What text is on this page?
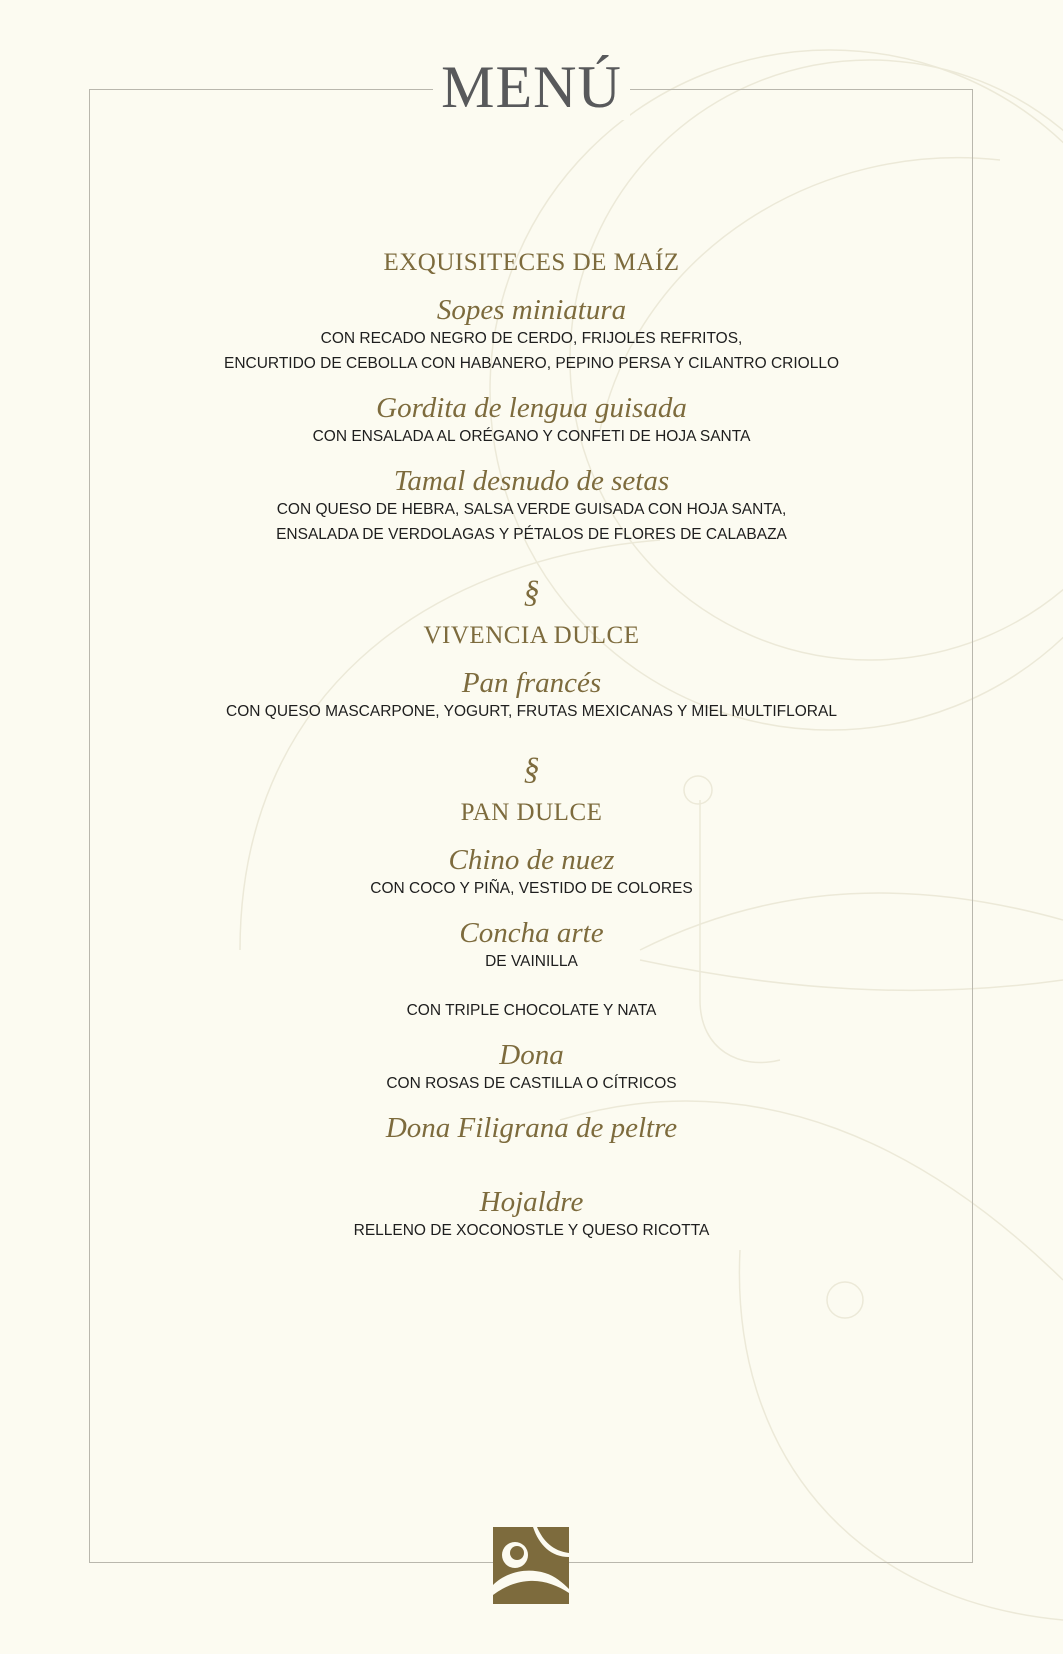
MENÚ
EXQUISITECES DE MAÍZ
Sopes miniatura
CON RECADO NEGRO DE CERDO, FRIJOLES REFRITOS,
ENCURTIDO DE CEBOLLA CON HABANERO, PEPINO PERSA Y CILANTRO CRIOLLO
Gordita de lengua guisada
CON ENSALADA AL ORÉGANO Y CONFETI DE HOJA SANTA
Tamal desnudo de setas
CON QUESO DE HEBRA, SALSA VERDE GUISADA CON HOJA SANTA,
ENSALADA DE VERDOLAGAS Y PÉTALOS DE FLORES DE CALABAZA
§
VIVENCIA DULCE
Pan francés
CON QUESO MASCARPONE, YOGURT, FRUTAS MEXICANAS Y MIEL MULTIFLORAL
§
PAN DULCE
Chino de nuez
CON COCO Y PIÑA, VESTIDO DE COLORES
Concha arte
DE VAINILLA
CON TRIPLE CHOCOLATE Y NATA
Dona
CON ROSAS DE CASTILLA O CÍTRICOS
Dona Filigrana de peltre
Hojaldre
RELLENO DE XOCONOSTLE Y QUESO RICOTTA
